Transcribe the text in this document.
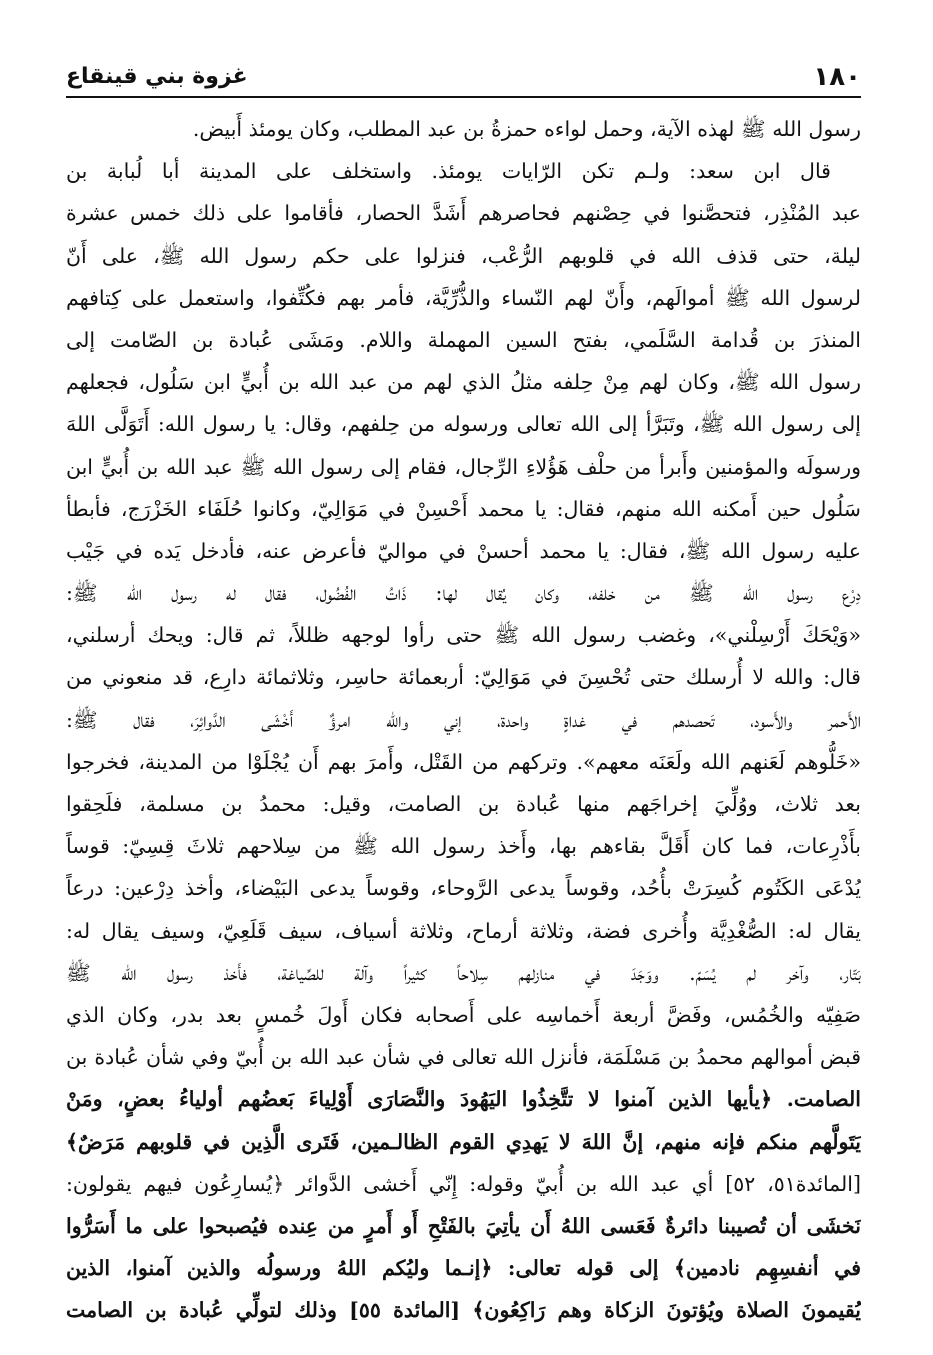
١٨٠
غزوة بني قينقاع
رسول الله ﷺ لهذه الآية، وحمل لواءه حمزةُ بن عبد المطلب، وكان يومئذ أَبيض.
قال ابن سعد: ولـم تكن الرّايات يومئذ. واستخلف على المدينة أبا لُبابة بن
عبد المُنْذِر، فتحصَّنوا في حِصْنهم فحاصرهم أَشَدَّ الحصار، فأقاموا على ذلك خمس عشرة
ليلة، حتى قذف الله في قلوبهم الرُّعْب، فنزلوا على حكم رسول الله ﷺ، على أَنّ
لرسول الله ﷺ أموالَهم، وأَنّ لهم النّساء والذُّرِّيَّة، فأمر بهم فكُتِّفوا، واستعمل على كِتافهم
المنذرَ بن قُدامة السَّلَمي، بفتح السين المهملة واللام. ومَشَى عُبادة بن الصّامت إلى
رسول الله ﷺ، وكان لهم مِنْ حِلفه مثلُ الذي لهم من عبد الله بن أُبيٍّ ابن سَلُول، فجعلهم
إلى رسول الله ﷺ، وتَبَرَّأ إلى الله تعالى ورسوله من حِلفهم، وقال: يا رسول الله: أَتَوَلَّى اللهَ
ورسولَه والمؤمنين وأَبرأ من حلْف هَؤُلاءِ الرِّجال، فقام إلى رسول الله ﷺ عبد الله بن أُبيٍّ ابن
سَلُول حين أَمكنه الله منهم، فقال: يا محمد أَحْسِنْ في مَوَالِيّ، وكانوا حُلَفَاء الخَزْرَج، فأبطأ
عليه رسول الله ﷺ، فقال: يا محمد أحسنْ في مواليّ فأعرض عنه، فأدخل يَده في جَيْب
دِرْع رسول الله ﷺ من خلفه، وكان يُقال لها: ذَاتُ الفُضُول، فقال له رسول الله ﷺ:
«وَيْحَكَ أَرْسِلْني»، وغضب رسول الله ﷺ حتى رأوا لوجهه ظللاً، ثم قال: ويحك أرسلني،
قال: والله لا أُرسلك حتى تُحْسِنَ في مَوَالِيّ: أربعمائة حاسِر، وثلاثمائة دارِع، قد منعوني من
الأَحمر والأَسود، تَحصدهم في غداةٍ واحدة، إني والله امرؤٌ أَخْشَى الدَّوائِرَ، فقال ﷺ:
«خَلُّوهم لَعَنهم الله ولَعَنَه معهم». وتركهم من القَتْل، وأَمرَ بهم أَن يُجْلَوْا من المدينة، فخرجوا
بعد ثلاث، ووُلِّيَ إخراجَهم منها عُبادة بن الصامت، وقيل: محمدُ بن مسلمة، فلَحِقوا
بأَذْرِعات، فما كان أَقَلَّ بقاءهم بها، وأَخذ رسول الله ﷺ من سِلاحهم ثلاثَ قِسِيّ: قوساً
يُدْعَى الكَتُوم كُسِرَتْ بأُحُد، وقوساً يدعى الرَّوحاء، وقوساً يدعى البَيْضاء، وأخذ دِرْعين: درعاً
يقال له: الصُّغْدِيَّة وأُخرى فضة، وثلاثة أرماح، وثلاثة أسياف، سيف قَلَعِيّ، وسيف يقال له:
بَتّار، وآخر لم يُسَمّ. ووَجَدَ في منازلهم سِلاحاً كثيراً وآلة للصِّياغة، فأَخذ رسول الله ﷺ
صَفِيّه والخُمُس، وفَضَّ أربعة أَخماسِه على أَصحابه فكان أَولَ خُمسٍ بعد بدر، وكان الذي
قبض أموالهم محمدُ بن مَسْلَمَة، فأنزل الله تعالى في شأن عبد الله بن أُبيّ وفي شأن عُبادة بن
الصامت. ﴿يأيها الذين آمنوا لا تتَّخِذُوا اليَهُودَ والنَّصَارَى أَوْلِياءَ بَعضُهم أولياءُ بعضٍ، ومَنْ
يَتَولَّهم منكم فإنه منهم، إنَّ اللهَ لا يَهدِي القوم الظالـمين، فَتَرى الَّذِين في قلوبهم مَرَضٌ﴾
[المائدة٥١، ٥٢] أي عبد الله بن أُبيّ وقوله: إِنّي أَخشى الدَّوائر ﴿يُسارِعُون فيهم يقولون:
نَخشَى أن تُصيبنا دائرةٌ فَعَسى اللهُ أَن يأتِيَ بالفَتْحِ أَو أَمرٍ من عِنده فيُصبحوا على ما أَسَرُّوا
في أنفسِهِم نادمين﴾ إلى قوله تعالى: ﴿إنـما وليُكم اللهُ ورسولُه والذين آمنوا، الذين
يُقيمونَ الصلاة ويُؤتونَ الزكاة وهم رَاكِعُون﴾ [المائدة ٥٥] وذلك لتولِّي عُبادة بن الصامت
